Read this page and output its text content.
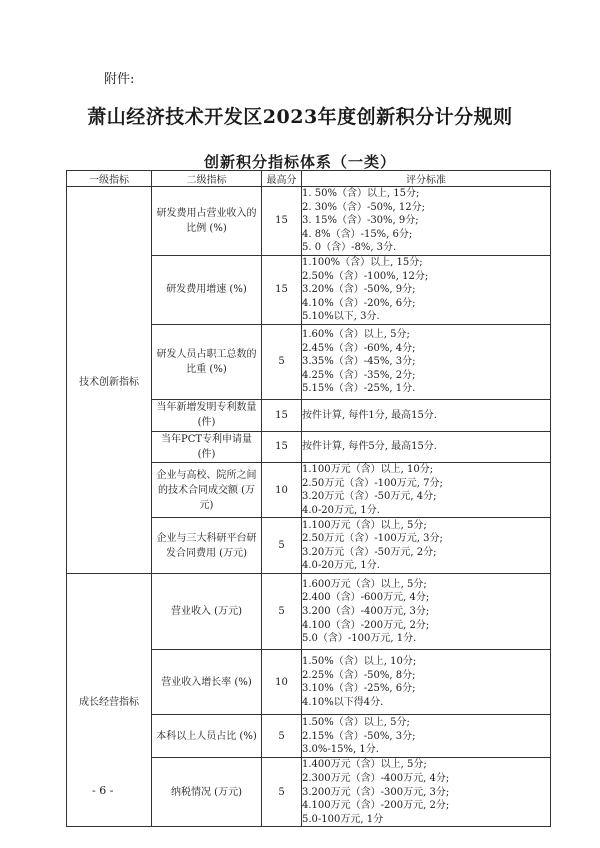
附件:
萧山经济技术开发区2023年度创新积分计分规则
创新积分指标体系（一类）
一级指标	二级指标	最高分	评分标准
技术创新指标	研发费用占营业收入的比例 (%)	15	1. 50%（含）以上, 15分;
2. 30%（含）-50%, 12分;
3. 15%（含）-30%, 9分;
4. 8%（含）-15%, 6分;
5. 0（含）-8%, 3分.

	研发费用增速 (%)	15	1.100%（含）以上, 15分;
2.50%（含）-100%, 12分;
3.20%（含）-50%, 9分;
4.10%（含）-20%, 6分;
5.10%以下, 3分.

	研发人员占职工总数的比重 (%)	5	1.60%（含）以上, 5分;
2.45%（含）-60%, 4分;
3.35%（含）-45%, 3分;
4.25%（含）-35%, 2分;
5.15%（含）-25%, 1分.

	当年新增发明专利数量 (件)	15	按件计算, 每件1分, 最高15分.

	当年PCT专利申请量 (件)	15	按件计算, 每件5分, 最高15分.

	企业与高校、院所之间的技术合同成交额 (万元)	10	1.100万元（含）以上, 10分;
2.50万元（含）-100万元, 7分;
3.20万元（含）-50万元, 4分;
4.0-20万元, 1分.

	企业与三大科研平台研发合同费用 (万元)	5	1.100万元（含）以上, 5分;
2.50万元（含）-100万元, 3分;
3.20万元（含）-50万元, 2分;
4.0-20万元, 1分.

成长经营指标	营业收入 (万元)	5	1.600万元（含）以上, 5分;
2.400（含）-600万元, 4分;
3.200（含）-400万元, 3分;
4.100（含）-200万元, 2分;
5.0（含）-100万元, 1分.

	营业收入增长率 (%)	10	1.50%（含）以上, 10分;
2.25%（含）-50%, 8分;
3.10%（含）-25%, 6分;
4.10%以下得4分.

	本科以上人员占比 (%)	5	1.50%（含）以上, 5分;
2.15%（含）-50%, 3分;
3.0%-15%, 1分.

	纳税情况 (万元)	5	1.400万元（含）以上, 5分;
2.300万元（含）-400万元, 4分;
3.200万元（含）-300万元, 3分;
4.100万元（含）-200万元, 2分;
5.0-100万元, 1分
- 6 -
